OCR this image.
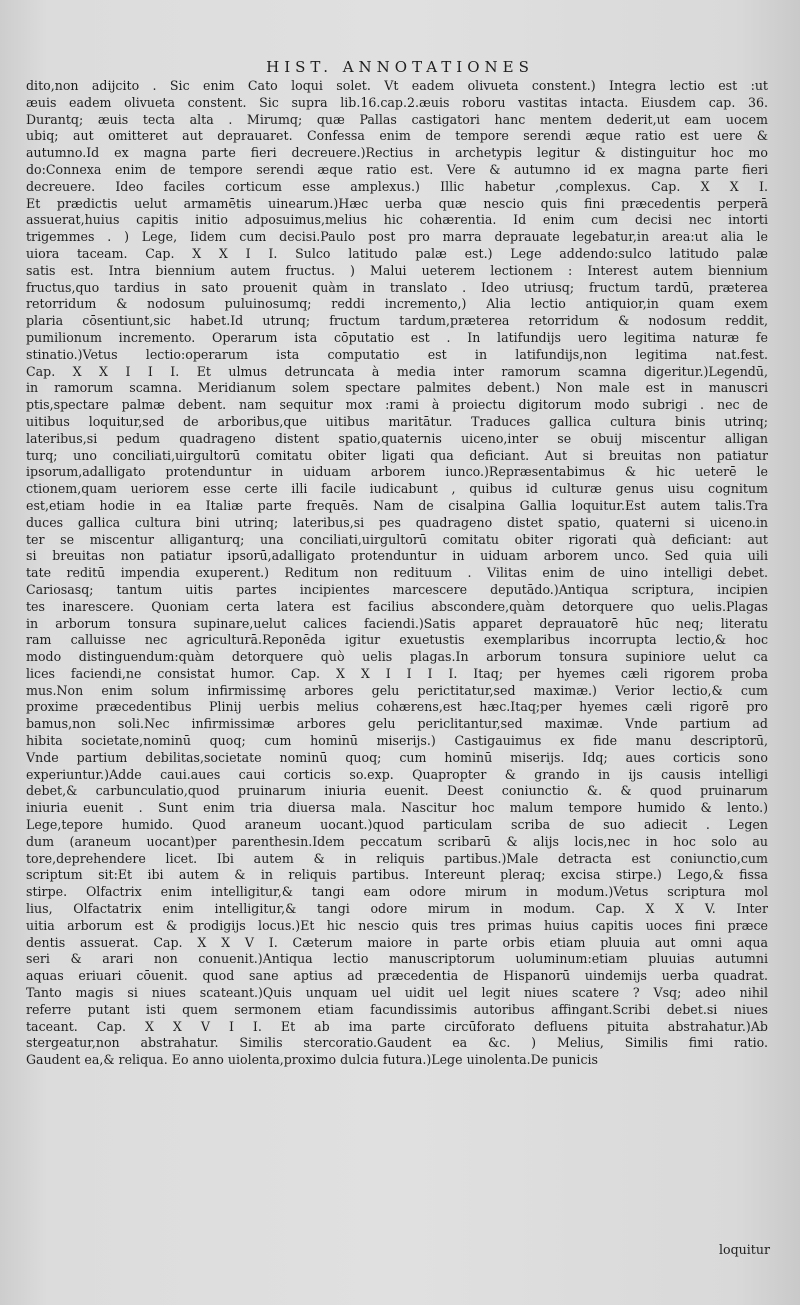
HIST. ANNOTATIONES
dito,non adijcito . Sic enim Cato loqui solet. Vt eadem olivueta constent.) Integra lectio est :ut
æuis eadem olivueta constent. Sic supra lib.16.cap.2.æuis roboru vastitas intacta. Eiusdem cap. 36.
Durantq; æuis tecta alta . Mirumq; quæ Pallas castigatori hanc mentem dederit,ut eam uocem
ubiq; aut omitteret aut deprauaret. Confessa enim de tempore serendi æque ratio est uere &
autumno.Id ex magna parte fieri decreuere.)Rectius in archetypis legitur & distinguitur hoc mo
do:Connexa enim de tempore serendi æque ratio est. Vere & autumno id ex magna parte fieri
decreuere. Ideo faciles corticum esse amplexus.) Illic habetur ,complexus. Cap. X X I.
Et prædictis uelut armamētis uinearum.)Hæc uerba quæ nescio quis fini præcedentis perperā
assuerat,huius capitis initio adposuimus,melius hic cohærentia. Id enim cum decisi nec intorti
trigemmes . ) Lege, Iidem cum decisi.Paulo post pro marra deprauate legebatur,in area:ut alia le
uiora taceam. Cap. X X I I. Sulco latitudo palæ est.) Lege addendo:sulco latitudo palæ
satis est. Intra biennium autem fructus. ) Malui ueterem lectionem : Interest autem biennium
fructus,quo tardius in sato prouenit quàm in translato . Ideo utriusq; fructum tardū, præterea
retorridum & nodosum puluinosumq; reddi incremento,) Alia lectio antiquior,in quam exem
plaria cōsentiunt,sic habet.Id utrunq; fructum tardum,præterea retorridum & nodosum reddit,
pumilionum incremento. Operarum ista cōputatio est . In latifundijs uero legitima naturæ fe
stinatio.)Vetus lectio:operarum ista computatio est in latifundijs,non legitima nat.fest.
Cap. X X I I I. Et ulmus detruncata à media inter ramorum scamna digeritur.)Legendū,
in ramorum scamna. Meridianum solem spectare palmites debent.) Non male est in manuscri
ptis,spectare palmæ debent. nam sequitur mox :rami à proiectu digitorum modo subrigi . nec de
uitibus loquitur,sed de arboribus,que uitibus maritātur. Traduces gallica cultura binis utrinq;
lateribus,si pedum quadrageno distent spatio,quaternis uiceno,inter se obuij miscentur alligan
turq; uno conciliati,uirgultorū comitatu obiter ligati qua deficiant. Aut si breuitas non patiatur
ipsorum,adalligato protenduntur in uiduam arborem iunco.)Repræsentabimus & hic ueterē le
ctionem,quam ueriorem esse certe illi facile iudicabunt , quibus id culturæ genus uisu cognitum
est,etiam hodie in ea Italiæ parte frequēs. Nam de cisalpina Gallia loquitur.Est autem talis.Tra
duces gallica cultura bini utrinq; lateribus,si pes quadrageno distet spatio, quaterni si uiceno.in
ter se miscentur alliganturq; una conciliati,uirgultorū comitatu obiter rigorati quà deficiant: aut
si breuitas non patiatur ipsorū,adalligato protenduntur in uiduam arborem unco. Sed quia uili
tate reditū impendia exuperent.) Reditum non redituum . Vilitas enim de uino intelligi debet.
Cariosasq; tantum uitis partes incipientes marcescere deputādo.)Antiqua scriptura, incipien
tes inarescere. Quoniam certa latera est facilius abscondere,quàm detorquere quo uelis.Plagas
in arborum tonsura supinare,uelut calices faciendi.)Satis apparet deprauatorē hūc neq; literatu
ram calluisse nec agriculturā.Reponēda igitur exuetustis exemplaribus incorrupta lectio,& hoc
modo distinguendum:quàm detorquere quò uelis plagas.In arborum tonsura supiniore uelut ca
lices faciendi,ne consistat humor. Cap. X X I I I I. Itaq; per hyemes cæli rigorem proba
mus.Non enim solum infirmissimę arbores gelu perictitatur,sed maximæ.) Verior lectio,& cum
proxime præcedentibus Plinij uerbis melius cohærens,est hæc.Itaq;per hyemes cæli rigorē pro
bamus,non soli.Nec infirmissimæ arbores gelu periclitantur,sed maximæ. Vnde partium ad
hibita societate,nominū quoq; cum hominū miserijs.) Castigauimus ex fide manu descriptorū,
Vnde partium debilitas,societate nominū quoq; cum hominū miserijs. Idq; aues corticis sono
experiuntur.)Adde caui.aues caui corticis so.exp. Quapropter & grando in ijs causis intelligi
debet,& carbunculatio,quod pruinarum iniuria euenit. Deest coniunctio &. & quod pruinarum
iniuria euenit . Sunt enim tria diuersa mala. Nascitur hoc malum tempore humido & lento.)
Lege,tepore humido. Quod araneum uocant.)quod particulam scriba de suo adiecit . Legen
dum (araneum uocant)per parenthesin.Idem peccatum scribarū & alijs locis,nec in hoc solo au
tore,deprehendere licet. Ibi autem & in reliquis partibus.)Male detracta est coniunctio,cum
scriptum sit:Et ibi autem & in reliquis partibus. Intereunt pleraq; excisa stirpe.) Lego,& fissa
stirpe. Olfactrix enim intelligitur,& tangi eam odore mirum in modum.)Vetus scriptura mol
lius, Olfactatrix enim intelligitur,& tangi odore mirum in modum. Cap. X X V. Inter
uitia arborum est & prodigijs locus.)Et hic nescio quis tres primas huius capitis uoces fini præce
dentis assuerat. Cap. X X V I. Cæterum maiore in parte orbis etiam pluuia aut omni aqua
seri & arari non conuenit.)Antiqua lectio manuscriptorum uoluminum:etiam pluuias autumni
aquas eriuari cōuenit. quod sane aptius ad præcedentia de Hispanorū uindemijs uerba quadrat.
Tanto magis si niues scateant.)Quis unquam uel uidit uel legit niues scatere ? Vsq; adeo nihil
referre putant isti quem sermonem etiam facundissimis autoribus affingant.Scribi debet.si niues
taceant. Cap. X X V I I. Et ab ima parte circūforato defluens pituita abstrahatur.)Ab
stergeatur,non abstrahatur. Similis stercoratio.Gaudent ea &c. ) Melius, Similis fimi ratio.
Gaudent ea,& reliqua. Eo anno uiolenta,proximo dulcia futura.)Lege uinolenta.De punicis
loquitur
